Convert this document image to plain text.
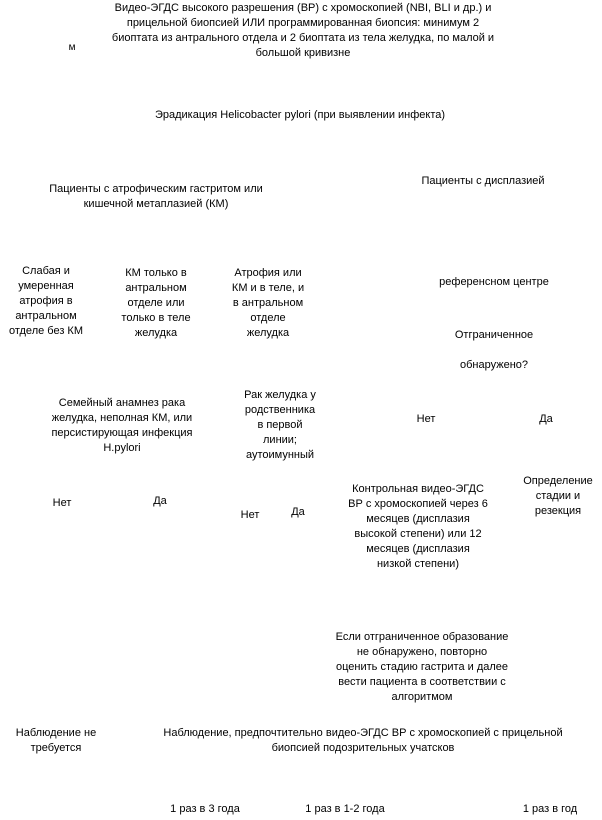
м
Видео-ЭГДС высокого разрешения (ВР) с хромоскопией (NBI, BLI и др.) и
прицельной биопсией ИЛИ программированная биопсия: минимум 2
биоптата из антрального отдела и 2 биоптата из тела желудка, по малой и
большой кривизне
Эрадикация Helicobacter pylori (при выявлении инфекта)
Пациенты с атрофическим гастритом или
кишечной метаплазией (КМ)
Пациенты с дисплазией
Слабая и
умеренная
атрофия в
антральном
отделе без КМ
КМ только в
антральном
отделе или
только в теле
желудка
Атрофия или
КМ и в теле, и
в антральном
отделе
желудка
референсном центре
Отграниченное

обнаружено?
Семейный анамнез рака
желудка, неполная КМ, или
персистирующая инфекция
H.pylori
Рак желудка у
родственника
в первой
линии;
аутоимунный
Нет	Да
Нет	Да
Нет	Да
Контрольная видео-ЭГДС
ВР с хромоскопией через 6
месяцев (дисплазия
высокой степени) или 12
месяцев (дисплазия
низкой степени)
Определение
стадии и
резекция
Если отграниченное образование
не обнаружено, повторно
оценить стадию гастрита и далее
вести пациента в соответствии с
алгоритмом
Наблюдение не
требуется
Наблюдение, предпочтительно видео-ЭГДС ВР с хромоскопией с прицельной
биопсией подозрительных учатсков
1 раз в 3 года	1 раз в 1-2 года	1 раз в год
